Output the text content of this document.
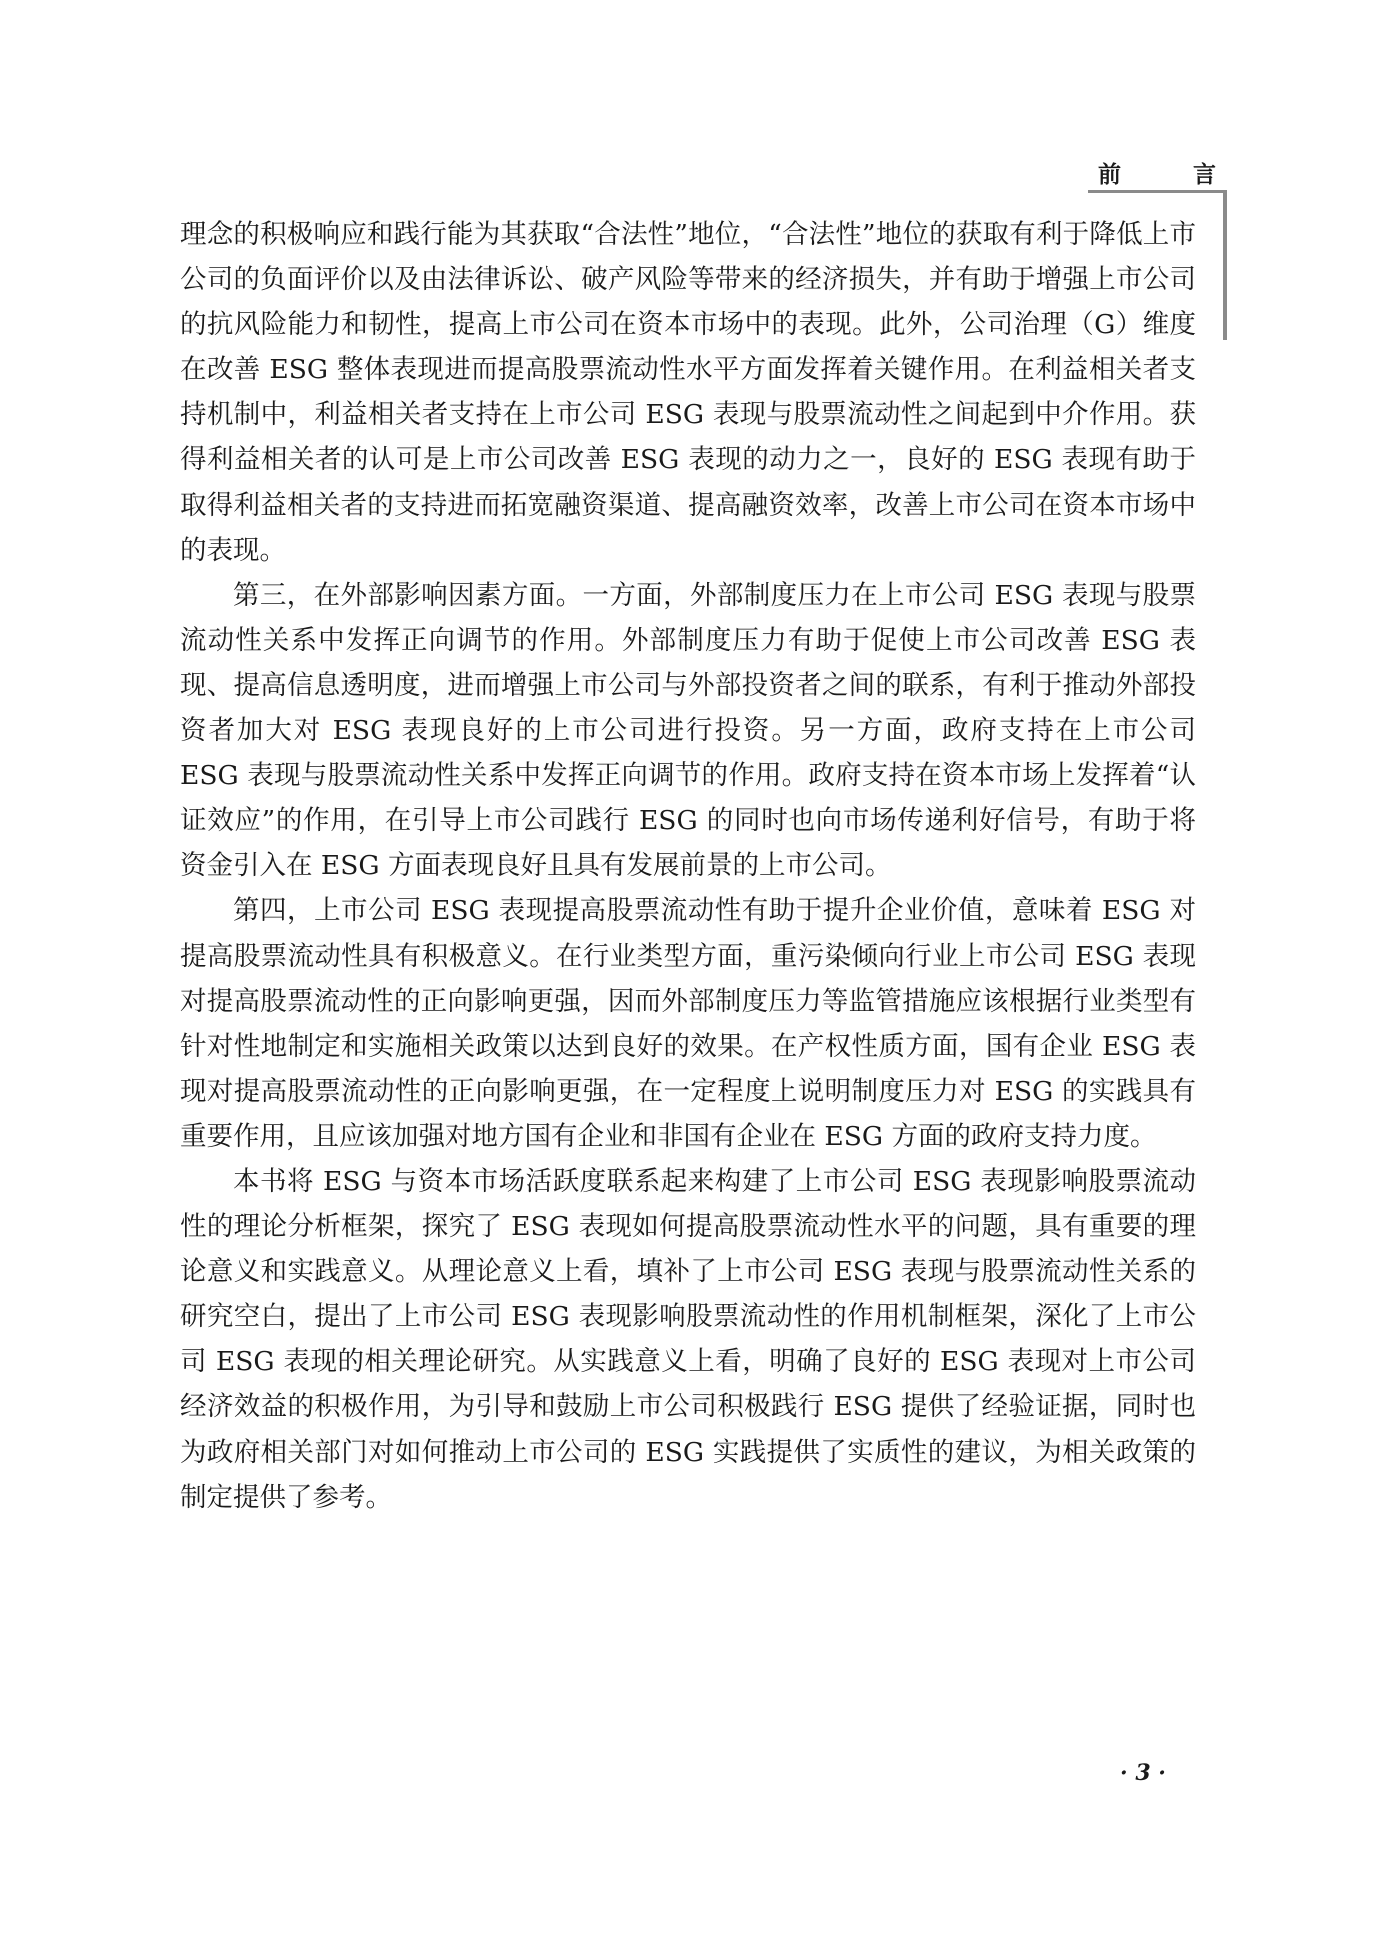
前	言

理念的积极响应和践行能为其获取“合法性”地位，“合法性”地位的获取有利于降低上市公司的负面评价以及由法律诉讼、破产风险等带来的经济损失，并有助于增强上市公司的抗风险能力和韧性，提高上市公司在资本市场中的表现。此外，公司治理（G）维度在改善 ESG 整体表现进而提高股票流动性水平方面发挥着关键作用。在利益相关者支持机制中，利益相关者支持在上市公司 ESG 表现与股票流动性之间起到中介作用。获得利益相关者的认可是上市公司改善 ESG 表现的动力之一，良好的 ESG 表现有助于取得利益相关者的支持进而拓宽融资渠道、提高融资效率，改善上市公司在资本市场中的表现。

第三，在外部影响因素方面。一方面，外部制度压力在上市公司 ESG 表现与股票流动性关系中发挥正向调节的作用。外部制度压力有助于促使上市公司改善 ESG 表现、提高信息透明度，进而增强上市公司与外部投资者之间的联系，有利于推动外部投资者加大对 ESG 表现良好的上市公司进行投资。另一方面，政府支持在上市公司 ESG 表现与股票流动性关系中发挥正向调节的作用。政府支持在资本市场上发挥着“认证效应”的作用，在引导上市公司践行 ESG 的同时也向市场传递利好信号，有助于将资金引入在 ESG 方面表现良好且具有发展前景的上市公司。

第四，上市公司 ESG 表现提高股票流动性有助于提升企业价值，意味着 ESG 对提高股票流动性具有积极意义。在行业类型方面，重污染倾向行业上市公司 ESG 表现对提高股票流动性的正向影响更强，因而外部制度压力等监管措施应该根据行业类型有针对性地制定和实施相关政策以达到良好的效果。在产权性质方面，国有企业 ESG 表现对提高股票流动性的正向影响更强，在一定程度上说明制度压力对 ESG 的实践具有重要作用，且应该加强对地方国有企业和非国有企业在 ESG 方面的政府支持力度。

本书将 ESG 与资本市场活跃度联系起来构建了上市公司 ESG 表现影响股票流动性的理论分析框架，探究了 ESG 表现如何提高股票流动性水平的问题，具有重要的理论意义和实践意义。从理论意义上看，填补了上市公司 ESG 表现与股票流动性关系的研究空白，提出了上市公司 ESG 表现影响股票流动性的作用机制框架，深化了上市公司 ESG 表现的相关理论研究。从实践意义上看，明确了良好的 ESG 表现对上市公司经济效益的积极作用，为引导和鼓励上市公司积极践行 ESG 提供了经验证据，同时也为政府相关部门对如何推动上市公司的 ESG 实践提供了实质性的建议，为相关政策的制定提供了参考。

· 3 ·
